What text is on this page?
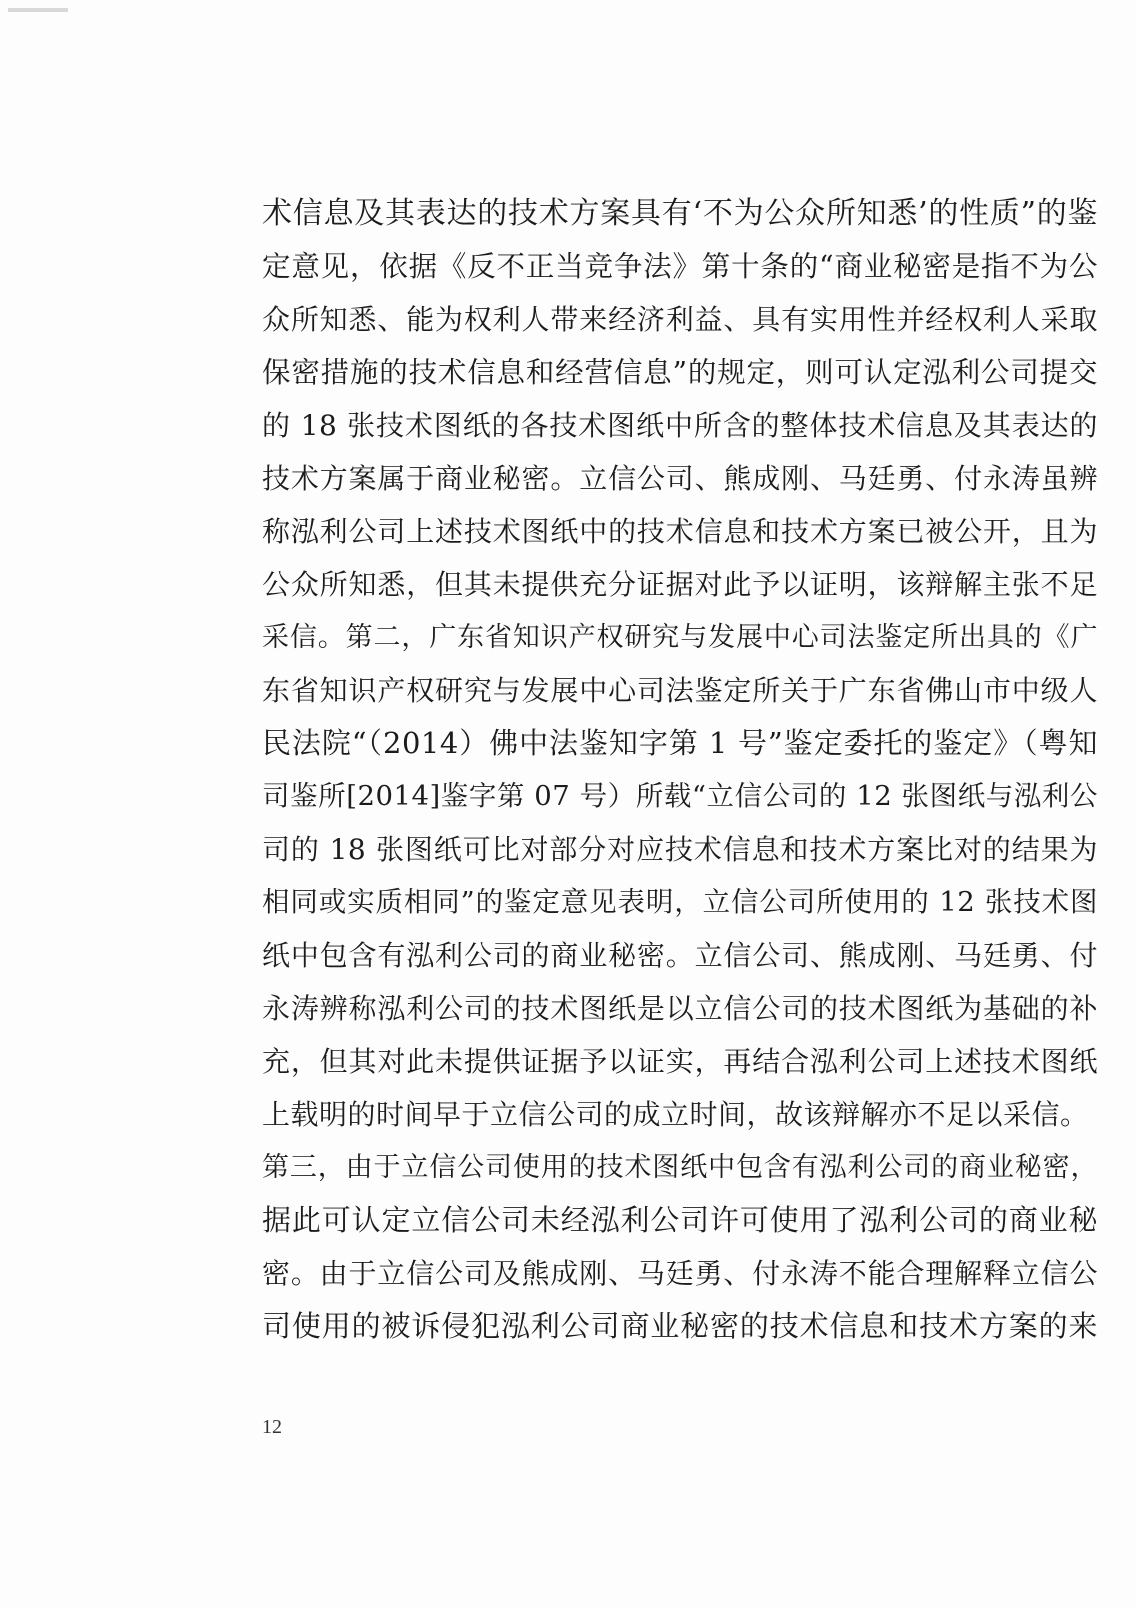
术信息及其表达的技术方案具有‘不为公众所知悉’的性质”的鉴
定意见，依据《反不正当竞争法》第十条的“商业秘密是指不为公
众所知悉、能为权利人带来经济利益、具有实用性并经权利人采取
保密措施的技术信息和经营信息”的规定，则可认定泓利公司提交
的 18 张技术图纸的各技术图纸中所含的整体技术信息及其表达的
技术方案属于商业秘密。立信公司、熊成刚、马廷勇、付永涛虽辨
称泓利公司上述技术图纸中的技术信息和技术方案已被公开，且为
公众所知悉，但其未提供充分证据对此予以证明，该辩解主张不足
采信。第二，广东省知识产权研究与发展中心司法鉴定所出具的《广
东省知识产权研究与发展中心司法鉴定所关于广东省佛山市中级人
民法院“（2014）佛中法鉴知字第 1 号”鉴定委托的鉴定》（粤知
司鉴所[2014]鉴字第 07 号）所载“立信公司的 12 张图纸与泓利公
司的 18 张图纸可比对部分对应技术信息和技术方案比对的结果为
相同或实质相同”的鉴定意见表明，立信公司所使用的 12 张技术图
纸中包含有泓利公司的商业秘密。立信公司、熊成刚、马廷勇、付
永涛辨称泓利公司的技术图纸是以立信公司的技术图纸为基础的补
充，但其对此未提供证据予以证实，再结合泓利公司上述技术图纸
上载明的时间早于立信公司的成立时间，故该辩解亦不足以采信。
第三，由于立信公司使用的技术图纸中包含有泓利公司的商业秘密，
据此可认定立信公司未经泓利公司许可使用了泓利公司的商业秘
密。由于立信公司及熊成刚、马廷勇、付永涛不能合理解释立信公
司使用的被诉侵犯泓利公司商业秘密的技术信息和技术方案的来
12
